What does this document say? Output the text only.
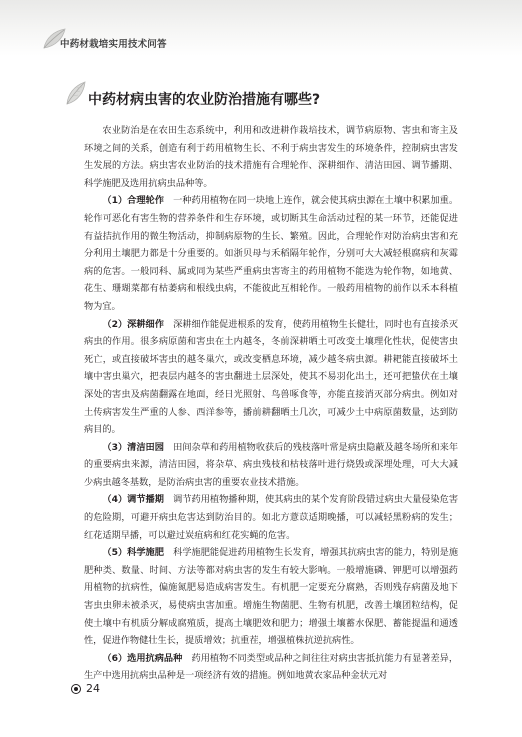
中药材栽培实用技术问答
中药材病虫害的农业防治措施有哪些?

农业防治是在农田生态系统中，利用和改进耕作栽培技术，调节病原物、害虫和寄主及环境之间的关系，创造有利于药用植物生长、不利于病虫害发生的环境条件，控制病虫害发生发展的方法。病虫害农业防治的技术措施有合理轮作、深耕细作、清洁田园、调节播期、科学施肥及选用抗病虫品种等。

（1）合理轮作　 一种药用植物在同一块地上连作，就会使其病虫源在土壤中积累加重。轮作可恶化有害生物的营养条件和生存环境，或切断其生命活动过程的某一环节，还能促进有益拮抗作用的微生物活动，抑制病原物的生长、繁殖。因此，合理轮作对防治病虫害和充分利用土壤肥力都是十分重要的。如浙贝母与禾稻隔年轮作，分别可大大减轻根腐病和灰霉病的危害。一般同科、属或同为某些严重病虫害寄主的药用植物不能选为轮作物，如地黄、花生、珊瑚菜都有枯萎病和根线虫病，不能彼此互相轮作。一般药用植物的前作以禾本科植物为宜。

（2）深耕细作　 深耕细作能促进根系的发育，使药用植物生长健壮，同时也有直接杀灭病虫的作用。很多病原菌和害虫在土内越冬，冬前深耕晒土可改变土壤理化性状，促使害虫死亡，或直接破坏害虫的越冬巢穴，或改变栖息环境，减少越冬病虫源。耕耙能直接破坏土壤中害虫巢穴，把表层内越冬的害虫翻进土层深处，使其不易羽化出土，还可把蛰伏在土壤深处的害虫及病菌翻露在地面，经日光照射、鸟兽啄食等，亦能直接消灭部分病虫。例如对土传病害发生严重的人参、西洋参等，播前耕翻晒土几次，可减少土中病原菌数量，达到防病目的。

（3）清洁田园　 田间杂草和药用植物收获后的残枝落叶常是病虫隐蔽及越冬场所和来年的重要病虫来源，清洁田园，将杂草、病虫残枝和枯枝落叶进行烧毁或深埋处理，可大大减少病虫越冬基数，是防治病虫害的重要农业技术措施。

（4）调节播期　 调节药用植物播种期，使其病虫的某个发育阶段错过病虫大量侵染危害的危险期，可避开病虫危害达到防治目的。如北方薏苡适期晚播，可以减轻黑粉病的发生；红花适期早播，可以避过炭疽病和红花实蝇的危害。

（5）科学施肥　 科学施肥能促进药用植物生长发育，增强其抗病虫害的能力，特别是施肥种类、数量、时间、方法等都对病虫害的发生有较大影响。一般增施磷、钾肥可以增强药用植物的抗病性，偏施氮肥易造成病害发生。有机肥一定要充分腐熟，否则残存病菌及地下害虫虫卵未被杀灭，易使病虫害加重。增施生物菌肥、生物有机肥，改善土壤团粒结构，促使土壤中有机质分解成腐殖质，提高土壤肥效和肥力；增强土壤蓄水保肥、蓄能提温和通透性，促进作物健壮生长，提质增效；抗重茬，增强植株抗逆抗病性。

（6）选用抗病品种　 药用植物不同类型或品种之间往往对病虫害抵抗能力有显著差异，生产中选用抗病虫品种是一项经济有效的措施。例如地黄农家品种金状元对

24
